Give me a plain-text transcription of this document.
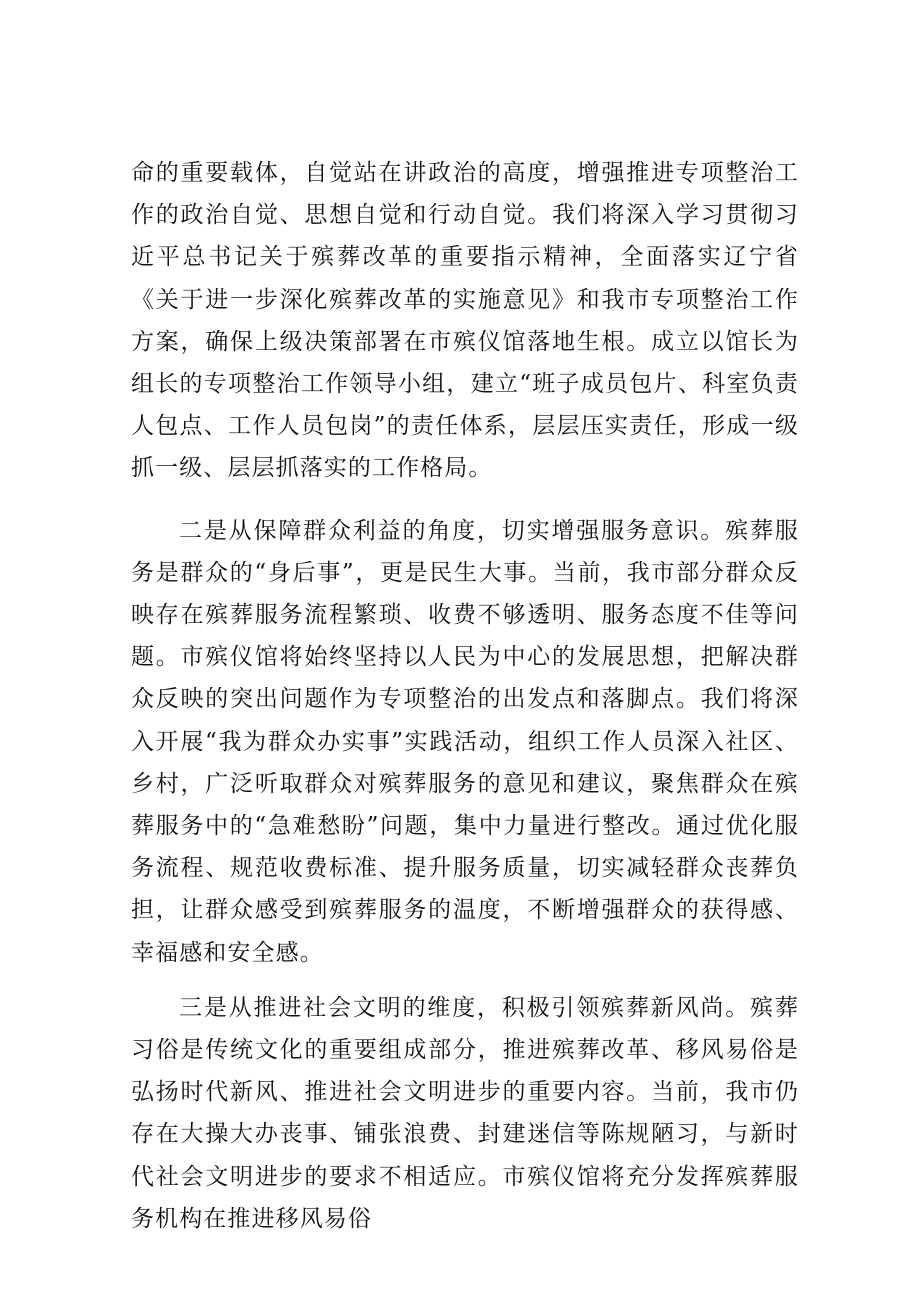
命的重要载体，自觉站在讲政治的高度，增强推进专项整治工作的政治自觉、思想自觉和行动自觉。我们将深入学习贯彻习近平总书记关于殡葬改革的重要指示精神，全面落实辽宁省《关于进一步深化殡葬改革的实施意见》和我市专项整治工作方案，确保上级决策部署在市殡仪馆落地生根。成立以馆长为组长的专项整治工作领导小组，建立“班子成员包片、科室负责人包点、工作人员包岗”的责任体系，层层压实责任，形成一级抓一级、层层抓落实的工作格局。

二是从保障群众利益的角度，切实增强服务意识。殡葬服务是群众的“身后事”，更是民生大事。当前，我市部分群众反映存在殡葬服务流程繁琐、收费不够透明、服务态度不佳等问题。市殡仪馆将始终坚持以人民为中心的发展思想，把解决群众反映的突出问题作为专项整治的出发点和落脚点。我们将深入开展“我为群众办实事”实践活动，组织工作人员深入社区、乡村，广泛听取群众对殡葬服务的意见和建议，聚焦群众在殡葬服务中的“急难愁盼”问题，集中力量进行整改。通过优化服务流程、规范收费标准、提升服务质量，切实减轻群众丧葬负担，让群众感受到殡葬服务的温度，不断增强群众的获得感、幸福感和安全感。

三是从推进社会文明的维度，积极引领殡葬新风尚。殡葬习俗是传统文化的重要组成部分，推进殡葬改革、移风易俗是弘扬时代新风、推进社会文明进步的重要内容。当前，我市仍存在大操大办丧事、铺张浪费、封建迷信等陈规陋习，与新时代社会文明进步的要求不相适应。市殡仪馆将充分发挥殡葬服务机构在推进移风易俗
